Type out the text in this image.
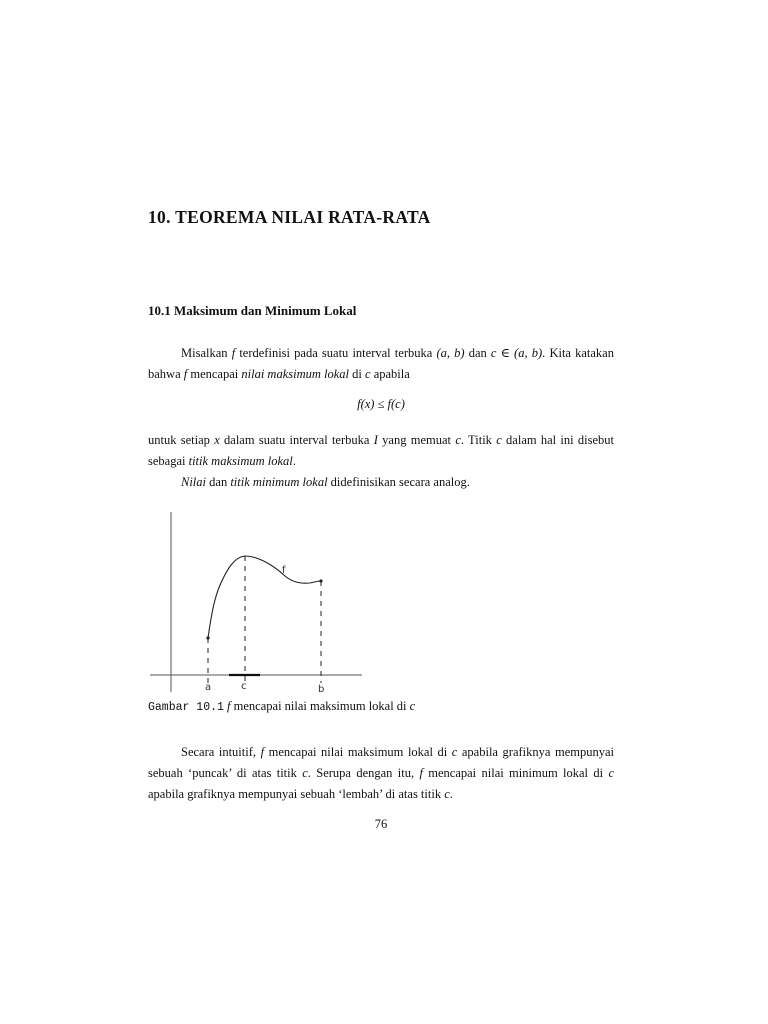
10. TEOREMA NILAI RATA-RATA
10.1 Maksimum dan Minimum Lokal

Misalkan f terdefinisi pada suatu interval terbuka (a, b) dan c ∈ (a, b). Kita katakan bahwa f mencapai nilai maksimum lokal di c apabila

f(x) ≤ f(c)

untuk setiap x dalam suatu interval terbuka I yang memuat c. Titik c dalam hal ini disebut sebagai titik maksimum lokal.

Nilai dan titik minimum lokal didefinisikan secara analog.

f
a	c	b
Gambar 10.1 f mencapai nilai maksimum lokal di c

Secara intuitif, f mencapai nilai maksimum lokal di c apabila grafiknya mempunyai sebuah ‘puncak’ di atas titik c. Serupa dengan itu, f mencapai nilai minimum lokal di c apabila grafiknya mempunyai sebuah ‘lembah’ di atas titik c.

76
